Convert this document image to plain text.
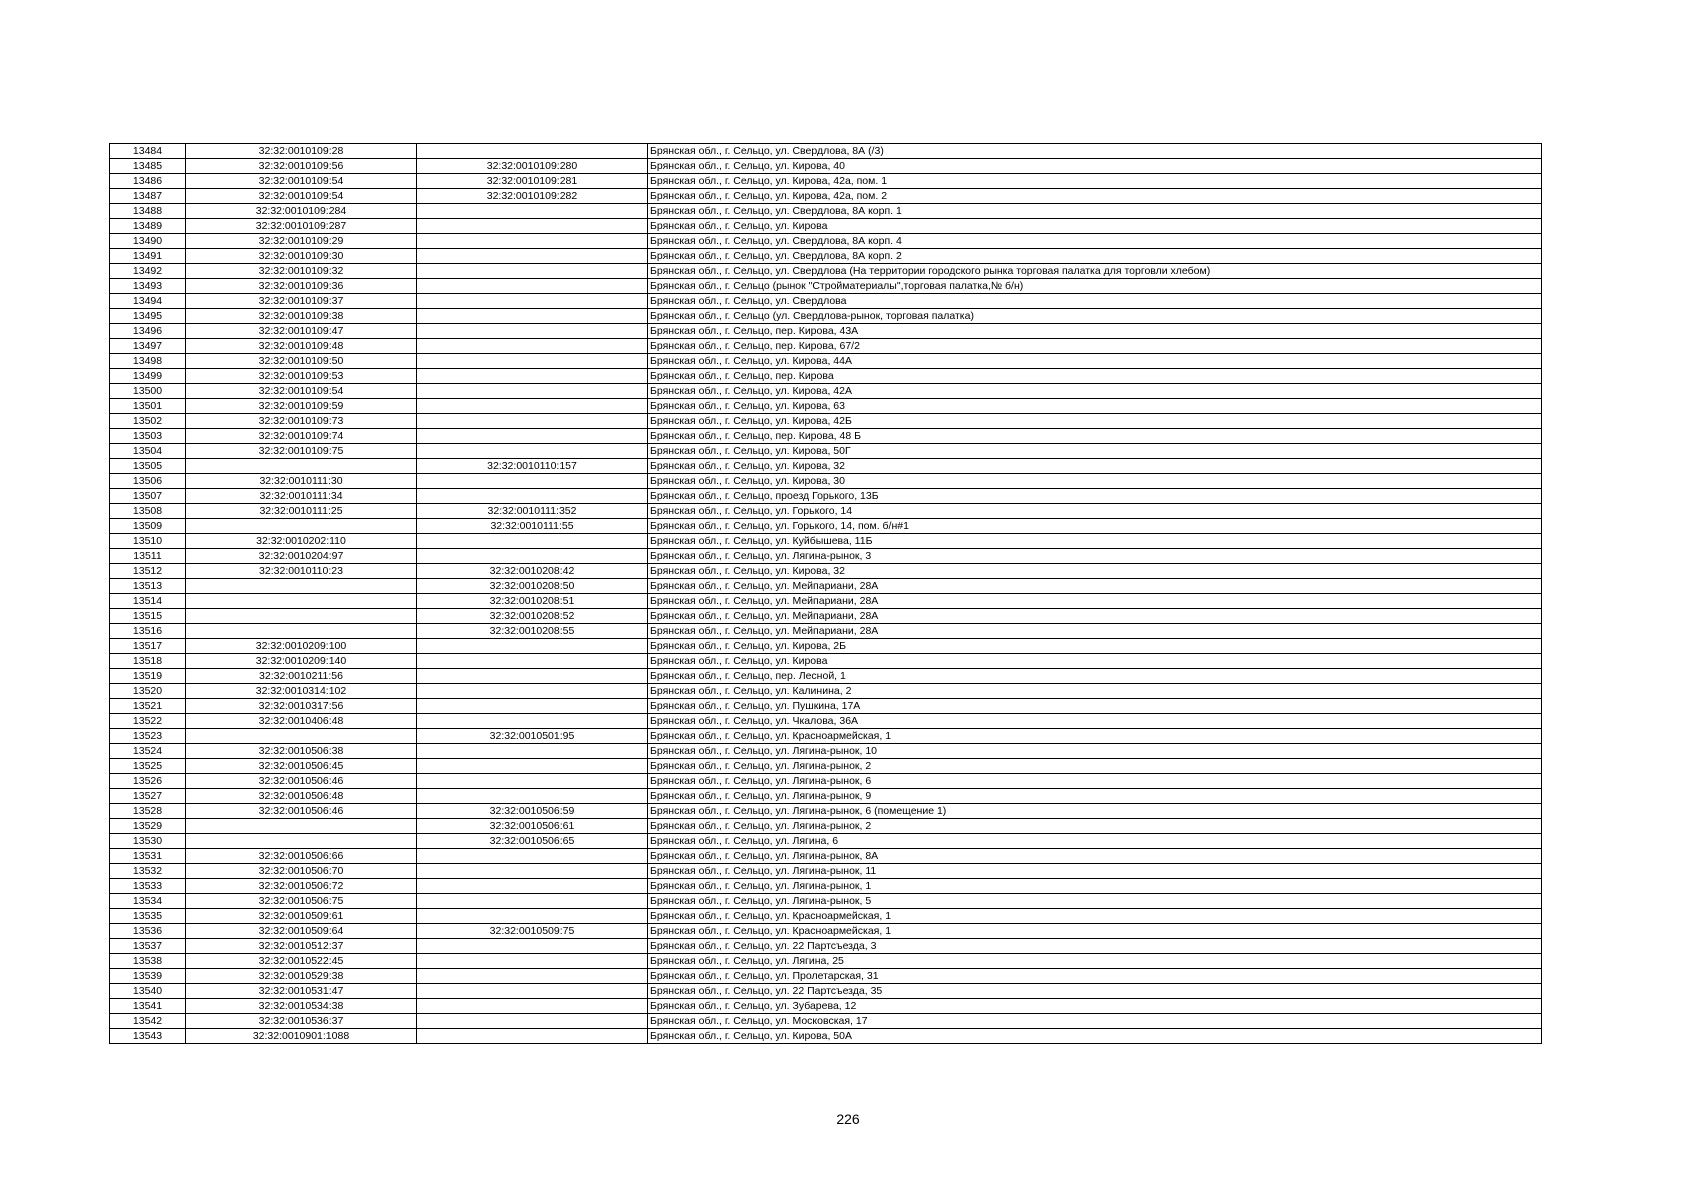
13484	32:32:0010109:28		Брянская обл., г. Сельцо, ул. Свердлова, 8А (/3)
13485	32:32:0010109:56	32:32:0010109:280	Брянская обл., г. Сельцо, ул. Кирова, 40
13486	32:32:0010109:54	32:32:0010109:281	Брянская обл., г. Сельцо, ул. Кирова, 42а, пом. 1
13487	32:32:0010109:54	32:32:0010109:282	Брянская обл., г. Сельцо, ул. Кирова, 42а, пом. 2
13488	32:32:0010109:284		Брянская обл., г. Сельцо, ул. Свердлова, 8А корп. 1
13489	32:32:0010109:287		Брянская обл., г. Сельцо, ул. Кирова
13490	32:32:0010109:29		Брянская обл., г. Сельцо, ул. Свердлова, 8А корп. 4
13491	32:32:0010109:30		Брянская обл., г. Сельцо, ул. Свердлова, 8А корп. 2
13492	32:32:0010109:32		Брянская обл., г. Сельцо, ул. Свердлова (На территории городского рынка торговая палатка для торговли хлебом)
13493	32:32:0010109:36		Брянская обл., г. Сельцо (рынок "Стройматериалы",торговая палатка,№ б/н)
13494	32:32:0010109:37		Брянская обл., г. Сельцо, ул. Свердлова
13495	32:32:0010109:38		Брянская обл., г. Сельцо (ул. Свердлова-рынок, торговая палатка)
13496	32:32:0010109:47		Брянская обл., г. Сельцо, пер. Кирова, 43А
13497	32:32:0010109:48		Брянская обл., г. Сельцо, пер. Кирова, 67/2
13498	32:32:0010109:50		Брянская обл., г. Сельцо, ул. Кирова, 44А
13499	32:32:0010109:53		Брянская обл., г. Сельцо, пер. Кирова
13500	32:32:0010109:54		Брянская обл., г. Сельцо, ул. Кирова, 42А
13501	32:32:0010109:59		Брянская обл., г. Сельцо, ул. Кирова, 63
13502	32:32:0010109:73		Брянская обл., г. Сельцо, ул. Кирова, 42Б
13503	32:32:0010109:74		Брянская обл., г. Сельцо, пер. Кирова, 48 Б
13504	32:32:0010109:75		Брянская обл., г. Сельцо, ул. Кирова, 50Г
13505		32:32:0010110:157	Брянская обл., г. Сельцо, ул. Кирова, 32
13506	32:32:0010111:30		Брянская обл., г. Сельцо, ул. Кирова, 30
13507	32:32:0010111:34		Брянская обл., г. Сельцо, проезд Горького, 13Б
13508	32:32:0010111:25	32:32:0010111:352	Брянская обл., г. Сельцо, ул. Горького, 14
13509		32:32:0010111:55	Брянская обл., г. Сельцо, ул. Горького, 14, пом. б/н#1
13510	32:32:0010202:110		Брянская обл., г. Сельцо, ул. Куйбышева, 11Б
13511	32:32:0010204:97		Брянская обл., г. Сельцо, ул. Лягина-рынок, 3
13512	32:32:0010110:23	32:32:0010208:42	Брянская обл., г. Сельцо, ул. Кирова, 32
13513		32:32:0010208:50	Брянская обл., г. Сельцо, ул. Мейпариани, 28А
13514		32:32:0010208:51	Брянская обл., г. Сельцо, ул. Мейпариани, 28А
13515		32:32:0010208:52	Брянская обл., г. Сельцо, ул. Мейпариани, 28А
13516		32:32:0010208:55	Брянская обл., г. Сельцо, ул. Мейпариани, 28А
13517	32:32:0010209:100		Брянская обл., г. Сельцо, ул. Кирова, 2Б
13518	32:32:0010209:140		Брянская обл., г. Сельцо, ул. Кирова
13519	32:32:0010211:56		Брянская обл., г. Сельцо, пер. Лесной, 1
13520	32:32:0010314:102		Брянская обл., г. Сельцо, ул. Калинина, 2
13521	32:32:0010317:56		Брянская обл., г. Сельцо, ул. Пушкина, 17А
13522	32:32:0010406:48		Брянская обл., г. Сельцо, ул. Чкалова, 36А
13523		32:32:0010501:95	Брянская обл., г. Сельцо, ул. Красноармейская, 1
13524	32:32:0010506:38		Брянская обл., г. Сельцо, ул. Лягина-рынок, 10
13525	32:32:0010506:45		Брянская обл., г. Сельцо, ул. Лягина-рынок, 2
13526	32:32:0010506:46		Брянская обл., г. Сельцо, ул. Лягина-рынок, 6
13527	32:32:0010506:48		Брянская обл., г. Сельцо, ул. Лягина-рынок, 9
13528	32:32:0010506:46	32:32:0010506:59	Брянская обл., г. Сельцо, ул. Лягина-рынок, 6 (помещение 1)
13529		32:32:0010506:61	Брянская обл., г. Сельцо, ул. Лягина-рынок, 2
13530		32:32:0010506:65	Брянская обл., г. Сельцо, ул. Лягина, 6
13531	32:32:0010506:66		Брянская обл., г. Сельцо, ул. Лягина-рынок, 8А
13532	32:32:0010506:70		Брянская обл., г. Сельцо, ул. Лягина-рынок, 11
13533	32:32:0010506:72		Брянская обл., г. Сельцо, ул. Лягина-рынок, 1
13534	32:32:0010506:75		Брянская обл., г. Сельцо, ул. Лягина-рынок, 5
13535	32:32:0010509:61		Брянская обл., г. Сельцо, ул. Красноармейская, 1
13536	32:32:0010509:64	32:32:0010509:75	Брянская обл., г. Сельцо, ул. Красноармейская, 1
13537	32:32:0010512:37		Брянская обл., г. Сельцо, ул. 22 Партсъезда, 3
13538	32:32:0010522:45		Брянская обл., г. Сельцо, ул. Лягина, 25
13539	32:32:0010529:38		Брянская обл., г. Сельцо, ул. Пролетарская, 31
13540	32:32:0010531:47		Брянская обл., г. Сельцо, ул. 22 Партсъезда, 35
13541	32:32:0010534:38		Брянская обл., г. Сельцо, ул. Зубарева, 12
13542	32:32:0010536:37		Брянская обл., г. Сельцо, ул. Московская, 17
13543	32:32:0010901:1088		Брянская обл., г. Сельцо, ул. Кирова, 50А
226
